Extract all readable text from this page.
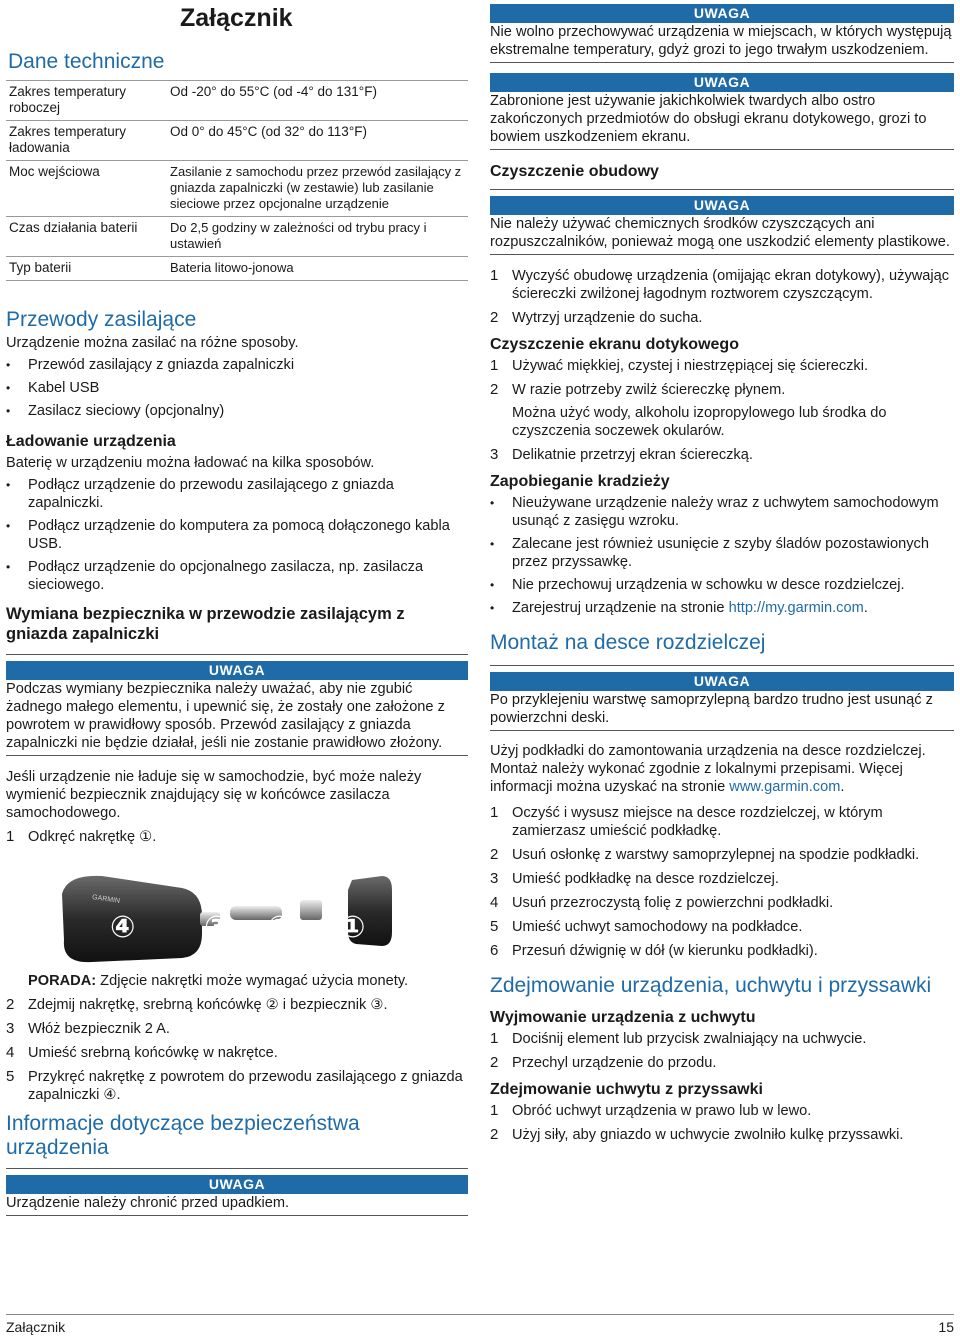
Załącznik
Dane techniczne
Zakres temperatury roboczej	Od -20° do 55°C (od -4° do 131°F)
Zakres temperatury ładowania	Od 0° do 45°C (od 32° do 113°F)
Moc wejściowa	Zasilanie z samochodu przez przewód zasilający z gniazda zapalniczki (w zestawie) lub zasilanie sieciowe przez opcjonalne urządzenie
Czas działania baterii	Do 2,5 godziny w zależności od trybu pracy i ustawień
Typ baterii	Bateria litowo-jonowa
Przewody zasilające
Urządzenie można zasilać na różne sposoby.
• Przewód zasilający z gniazda zapalniczki
• Kabel USB
• Zasilacz sieciowy (opcjonalny)
Ładowanie urządzenia
Baterię w urządzeniu można ładować na kilka sposobów.
• Podłącz urządzenie do przewodu zasilającego z gniazda zapalniczki.
• Podłącz urządzenie do komputera za pomocą dołączonego kabla USB.
• Podłącz urządzenie do opcjonalnego zasilacza, np. zasilacza sieciowego.
Wymiana bezpiecznika w przewodzie zasilającym z gniazda zapalniczki
UWAGA
Podczas wymiany bezpiecznika należy uważać, aby nie zgubić żadnego małego elementu, i upewnić się, że zostały one założone z powrotem w prawidłowy sposób. Przewód zasilający z gniazda zapalniczki nie będzie działał, jeśli nie zostanie prawidłowo złożony.
Jeśli urządzenie nie ładuje się w samochodzie, być może należy wymienić bezpiecznik znajdujący się w końcówce zasilacza samochodowego.
1 Odkręć nakrętkę ①.
④ ③ ② ①
GARMIN
PORADA: Zdjęcie nakrętki może wymagać użycia monety.
2 Zdejmij nakrętkę, srebrną końcówkę ② i bezpiecznik ③.
3 Włóż bezpiecznik 2 A.
4 Umieść srebrną końcówkę w nakrętce.
5 Przykręć nakrętkę z powrotem do przewodu zasilającego z gniazda zapalniczki ④.
Informacje dotyczące bezpieczeństwa urządzenia
UWAGA
Urządzenie należy chronić przed upadkiem.
UWAGA
Nie wolno przechowywać urządzenia w miejscach, w których występują ekstremalne temperatury, gdyż grozi to jego trwałym uszkodzeniem.
UWAGA
Zabronione jest używanie jakichkolwiek twardych albo ostro zakończonych przedmiotów do obsługi ekranu dotykowego, grozi to bowiem uszkodzeniem ekranu.
Czyszczenie obudowy
UWAGA
Nie należy używać chemicznych środków czyszczących ani rozpuszczalników, ponieważ mogą one uszkodzić elementy plastikowe.
1 Wyczyść obudowę urządzenia (omijając ekran dotykowy), używając ściereczki zwilżonej łagodnym roztworem czyszczącym.
2 Wytrzyj urządzenie do sucha.
Czyszczenie ekranu dotykowego
1 Używać miękkiej, czystej i niestrzępiącej się ściereczki.
2 W razie potrzeby zwilż ściereczkę płynem.
Można użyć wody, alkoholu izopropylowego lub środka do czyszczenia soczewek okularów.
3 Delikatnie przetrzyj ekran ściereczką.
Zapobieganie kradzieży
• Nieużywane urządzenie należy wraz z uchwytem samochodowym usunąć z zasięgu wzroku.
• Zalecane jest również usunięcie z szyby śladów pozostawionych przez przyssawkę.
• Nie przechowuj urządzenia w schowku w desce rozdzielczej.
• Zarejestruj urządzenie na stronie http://my.garmin.com.
Montaż na desce rozdzielczej
UWAGA
Po przyklejeniu warstwę samoprzylepną bardzo trudno jest usunąć z powierzchni deski.
Użyj podkładki do zamontowania urządzenia na desce rozdzielczej. Montaż należy wykonać zgodnie z lokalnymi przepisami. Więcej informacji można uzyskać na stronie www.garmin.com.
1 Oczyść i wysusz miejsce na desce rozdzielczej, w którym zamierzasz umieścić podkładkę.
2 Usuń osłonkę z warstwy samoprzylepnej na spodzie podkładki.
3 Umieść podkładkę na desce rozdzielczej.
4 Usuń przezroczystą folię z powierzchni podkładki.
5 Umieść uchwyt samochodowy na podkładce.
6 Przesuń dźwignię w dół (w kierunku podkładki).
Zdejmowanie urządzenia, uchwytu i przyssawki
Wyjmowanie urządzenia z uchwytu
1 Dociśnij element lub przycisk zwalniający na uchwycie.
2 Przechyl urządzenie do przodu.
Zdejmowanie uchwytu z przyssawki
1 Obróć uchwyt urządzenia w prawo lub w lewo.
2 Użyj siły, aby gniazdo w uchwycie zwolniło kulkę przyssawki.
Załącznik	15
